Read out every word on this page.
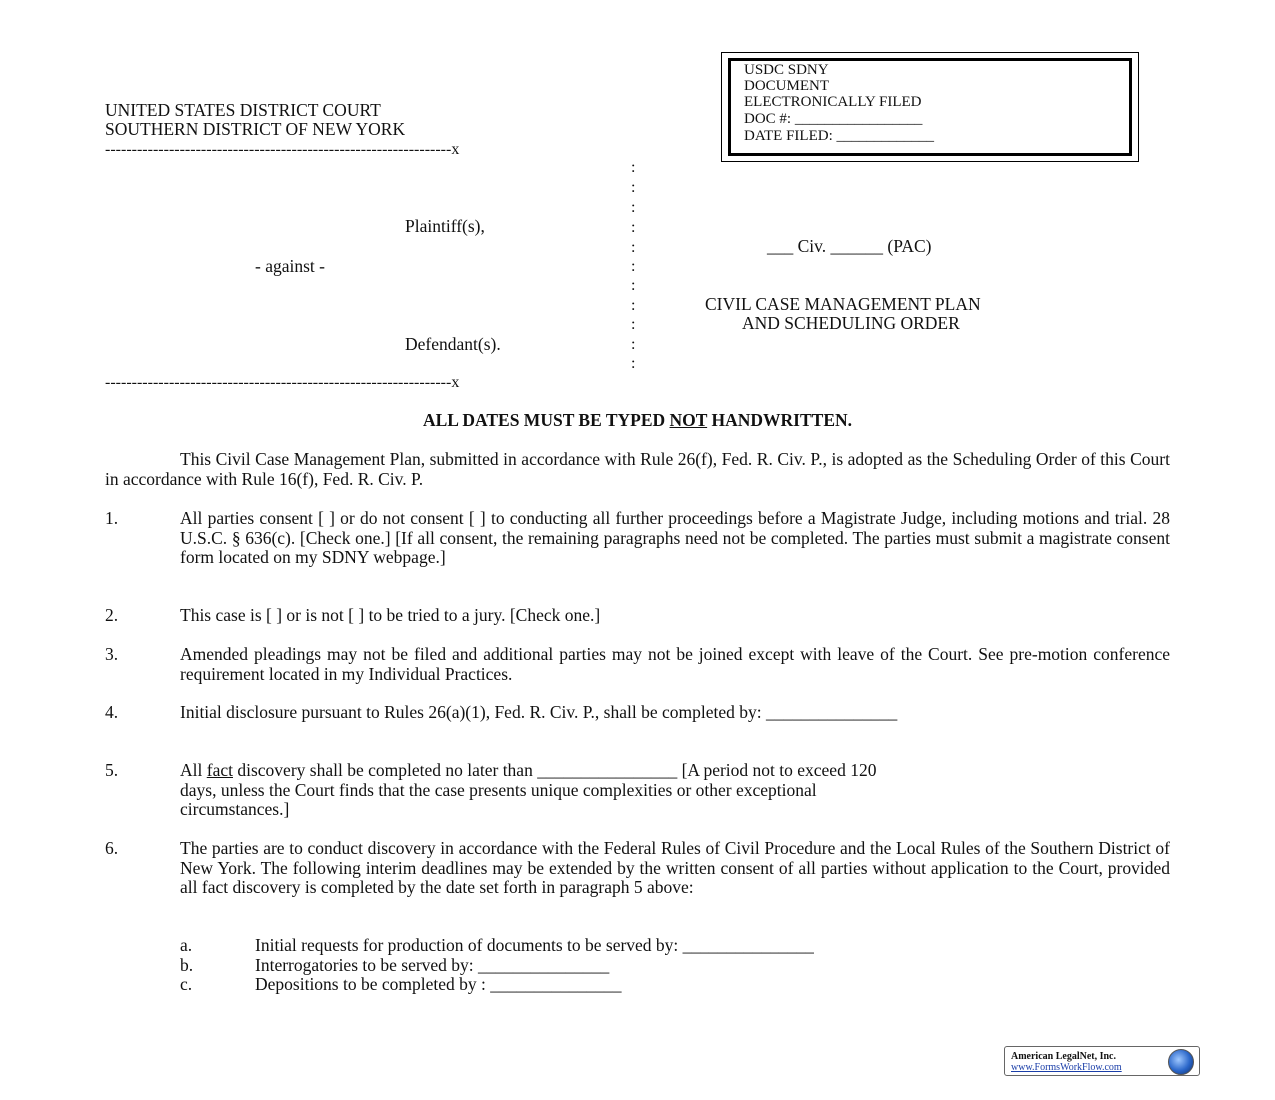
UNITED STATES DISTRICT COURT
SOUTHERN DISTRICT OF NEW YORK
USDC SDNY
DOCUMENT
ELECTRONICALLY FILED
DOC #: _________________
DATE FILED: _____________
-----------------------------------------------------------------x
-----------------------------------------------------------------x
:
:
:
:
:
:
:
:
:
:
:
Plaintiff(s),
- against -
Defendant(s).
___ Civ. ______ (PAC)
CIVIL CASE MANAGEMENT PLAN
AND SCHEDULING ORDER
ALL DATES MUST BE TYPED NOT HANDWRITTEN.
This Civil Case Management Plan, submitted in accordance with Rule 26(f), Fed. R. Civ. P., is adopted as the Scheduling Order of this Court in accordance with Rule 16(f), Fed. R. Civ. P.
1.	All parties consent [ ] or do not consent [ ] to conducting all further proceedings before a Magistrate Judge, including motions and trial. 28 U.S.C. § 636(c). [Check one.] [If all consent, the remaining paragraphs need not be completed. The parties must submit a magistrate consent form located on my SDNY webpage.]
2.	This case is [ ] or is not [ ] to be tried to a jury. [Check one.]
3.	Amended pleadings may not be filed and additional parties may not be joined except with leave of the Court. See pre-motion conference requirement located in my Individual Practices.
4.	Initial disclosure pursuant to Rules 26(a)(1), Fed. R. Civ. P., shall be completed by: _______________
5.	All fact discovery shall be completed no later than ________________ [A period not to exceed 120
days, unless the Court finds that the case presents unique complexities or other exceptional
circumstances.]
6.	The parties are to conduct discovery in accordance with the Federal Rules of Civil Procedure and the Local Rules of the Southern District of New York. The following interim deadlines may be extended by the written consent of all parties without application to the Court, provided all fact discovery is completed by the date set forth in paragraph 5 above:
a.	Initial requests for production of documents to be served by: _______________
b.	Interrogatories to be served by: _______________
c.	Depositions to be completed by : _______________
American LegalNet, Inc.
www.FormsWorkFlow.com
